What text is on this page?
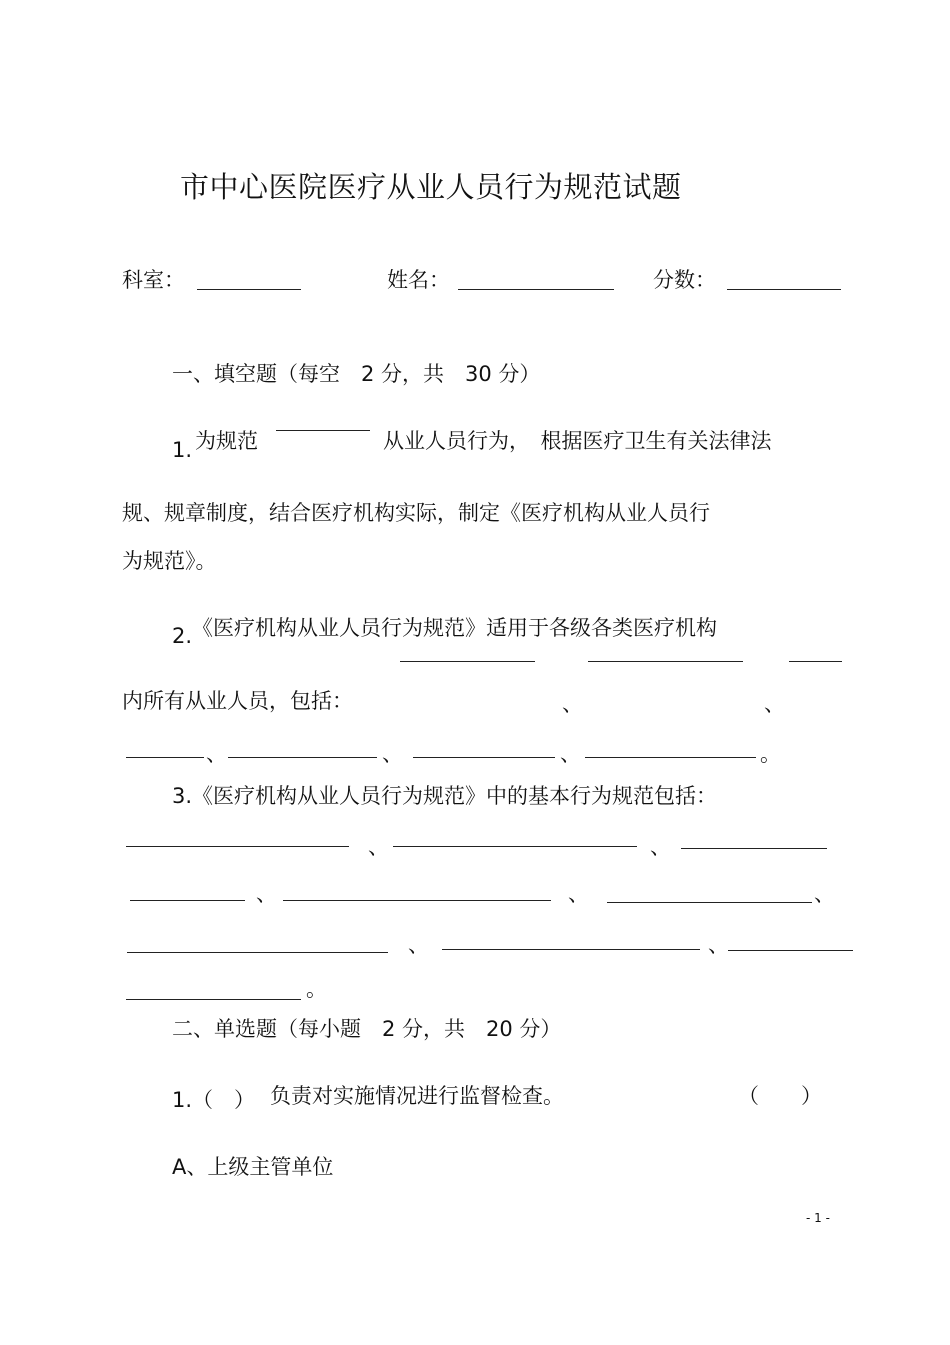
市中心医院医疗从业人员行为规范试题
科室：	姓名：	分数：
一、填空题（每空　2 分，共　30 分）
1. 为规范	从业人员行为，　根据医疗卫生有关法律法
规、规章制度，结合医疗机构实际，制定《医疗机构从业人员行
为规范》。
2. 《医疗机构从业人员行为规范》适用于各级各类医疗机构
内所有从业人员，包括：	、	、
、	、	、	。
3.《医疗机构从业人员行为规范》中的基本行为规范包括：
、	、
、	、	、
、	、
。
二、单选题（每小题　2 分，共　20 分）
1.（　） 负责对实施情况进行监督检查。	（　　）
A、上级主管单位
- 1 -
